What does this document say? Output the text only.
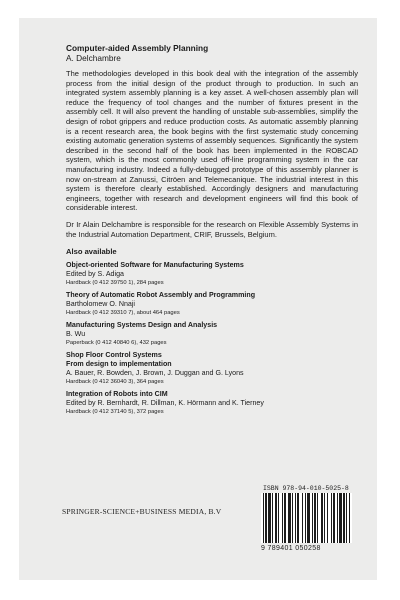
Computer-aided Assembly Planning
A. Delchambre

The methodologies developed in this book deal with the integration of the assembly process from the initial design of the product through to production. In such an integrated system assembly planning is a key asset. A well-chosen assembly plan will reduce the frequency of tool changes and the number of fixtures present in the assembly cell. It will also prevent the handling of unstable sub-assemblies, simplify the design of robot grippers and reduce production costs. As automatic assembly planning is a recent research area, the book begins with the first systematic study concerning existing automatic generation systems of assembly sequences. Significantly the system described in the second half of the book has been implemented in the ROBCAD system, which is the most commonly used off-line programming system in the car manufacturing industry. Indeed a fully-debugged prototype of this assembly planner is now on-stream at Zanussi, Citröen and Telemecanique. The industrial interest in this system is therefore clearly established. Accordingly designers and manufacturing engineers, together with research and development engineers will find this book of considerable interest.

Dr Ir Alain Delchambre is responsible for the research on Flexible Assembly Systems in the Industrial Automation Department, CRIF, Brussels, Belgium.

Also available
Object-oriented Software for Manufacturing Systems
Edited by S. Adiga
Hardback (0 412 39750 1), 284 pages
Theory of Automatic Robot Assembly and Programming
Bartholomew O. Nnaji
Hardback (0 412 39310 7), about 464 pages
Manufacturing Systems Design and Analysis
B. Wu
Paperback (0 412 40840 6), 432 pages
Shop Floor Control Systems
From design to implementation
A. Bauer, R. Bowden, J. Brown, J. Duggan and G. Lyons
Hardback (0 412 36040 3), 364 pages
Integration of Robots into CIM
Edited by R. Bernhardt, R. Dillman, K. Hörmann and K. Tierney
Hardback (0 412 37140 5), 372 pages
ISBN 978-94-010-5025-8
SPRINGER-SCIENCE+BUSINESS MEDIA, B.V
9 789401 050258
